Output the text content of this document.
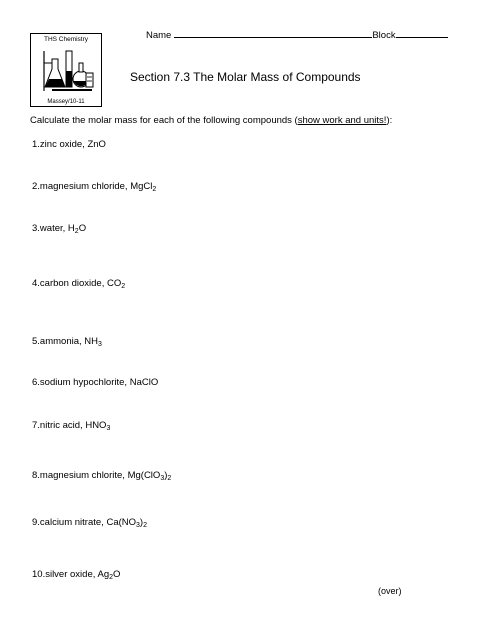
Name	Block
THS Chemistry
Massey/10-11
Section 7.3 The Molar Mass of Compounds
Calculate the molar mass for each of the following compounds (show work and units!):
1.zinc oxide, ZnO
2.magnesium chloride, MgCl$_2$
3.water, $H_2O$
4.carbon dioxide, $CO_2$
5.ammonia, $NH_3$
6.sodium hypochlorite, NaClO
7.nitric acid, $HNO_3$
8.magnesium chlorite, $Mg(ClO_3)_2$
9.calcium nitrate, $Ca(NO_3)_2$
10.silver oxide, $Ag_2O$
(over)
